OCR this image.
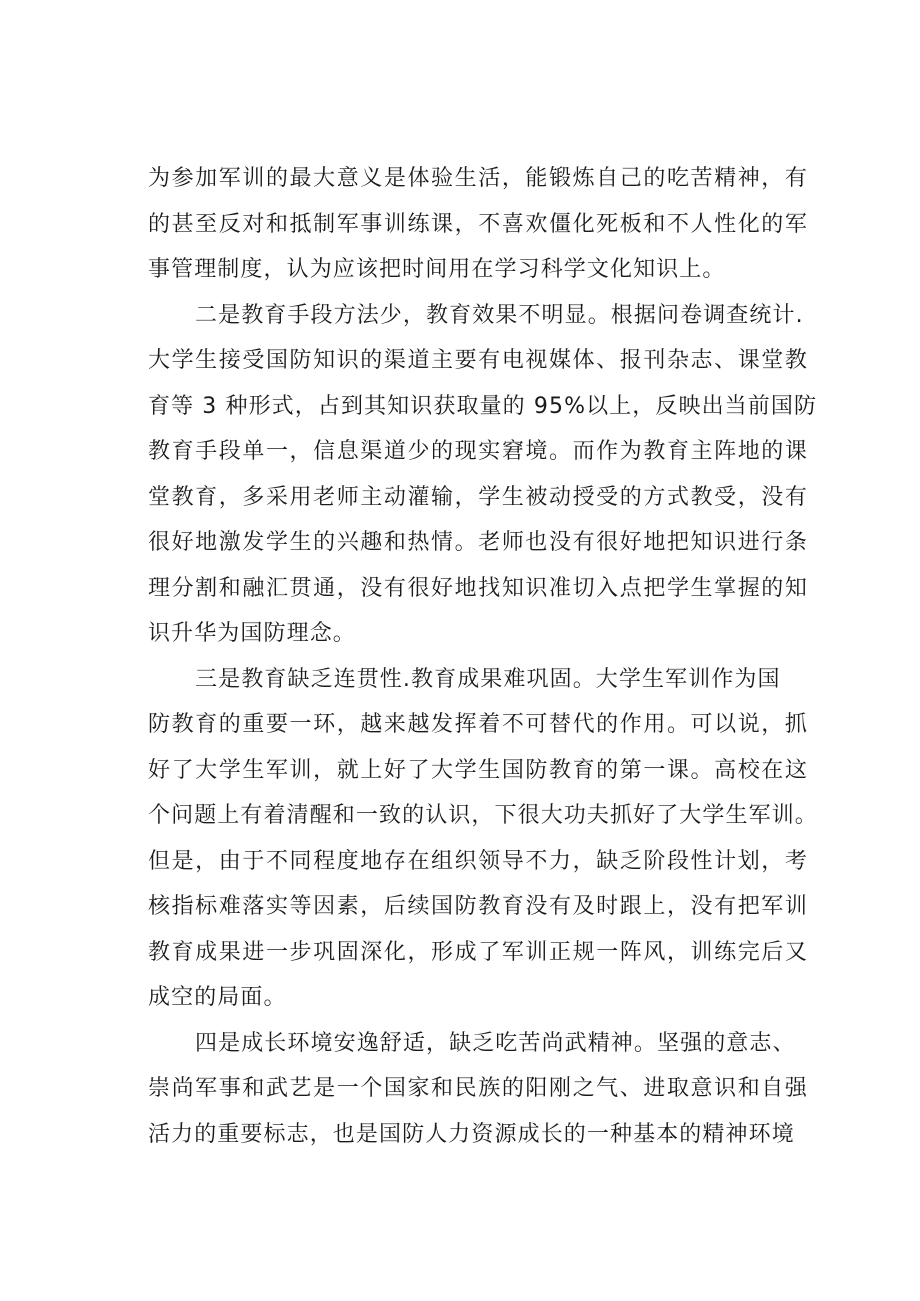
为参加军训的最大意义是体验生活，能锻炼自己的吃苦精神，有
的甚至反对和抵制军事训练课，不喜欢僵化死板和不人性化的军
事管理制度，认为应该把时间用在学习科学文化知识上。
二是教育手段方法少，教育效果不明显。根据问卷调查统计.
大学生接受国防知识的渠道主要有电视媒体、报刊杂志、课堂教
育等 3 种形式，占到其知识获取量的 95%以上，反映出当前国防
教育手段单一，信息渠道少的现实窘境。而作为教育主阵地的课
堂教育，多采用老师主动灌输，学生被动授受的方式教受，没有
很好地激发学生的兴趣和热情。老师也没有很好地把知识进行条
理分割和融汇贯通，没有很好地找知识准切入点把学生掌握的知
识升华为国防理念。
三是教育缺乏连贯性.教育成果难巩固。大学生军训作为国
防教育的重要一环，越来越发挥着不可替代的作用。可以说，抓
好了大学生军训，就上好了大学生国防教育的第一课。高校在这
个问题上有着清醒和一致的认识，下很大功夫抓好了大学生军训。
但是，由于不同程度地存在组织领导不力，缺乏阶段性计划，考
核指标难落实等因素，后续国防教育没有及时跟上，没有把军训
教育成果进一步巩固深化，形成了军训正规一阵风，训练完后又
成空的局面。
四是成长环境安逸舒适，缺乏吃苦尚武精神。坚强的意志、
崇尚军事和武艺是一个国家和民族的阳刚之气、进取意识和自强
活力的重要标志，也是国防人力资源成长的一种基本的精神环境
